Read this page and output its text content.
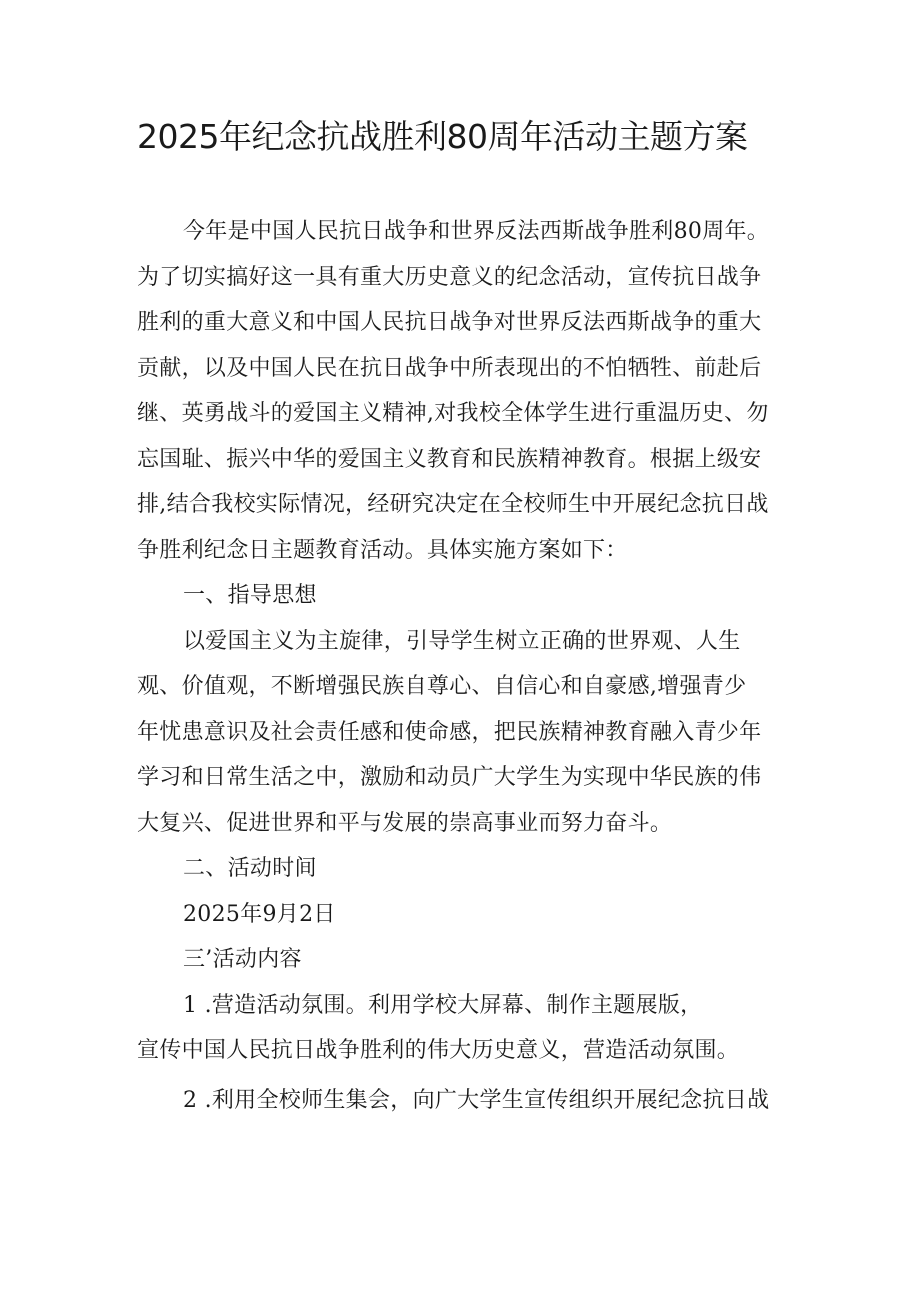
2025年纪念抗战胜利80周年活动主题方案
今年是中国人民抗日战争和世界反法西斯战争胜利80周年。
为了切实搞好这一具有重大历史意义的纪念活动，宣传抗日战争
胜利的重大意义和中国人民抗日战争对世界反法西斯战争的重大
贡献，以及中国人民在抗日战争中所表现出的不怕牺牲、前赴后
继、英勇战斗的爱国主义精神,对我校全体学生进行重温历史、勿
忘国耻、振兴中华的爱国主义教育和民族精神教育。根据上级安
排,结合我校实际情况，经研究决定在全校师生中开展纪念抗日战
争胜利纪念日主题教育活动。具体实施方案如下：
一、指导思想
以爱国主义为主旋律，引导学生树立正确的世界观、人生
观、价值观，不断增强民族自尊心、自信心和自豪感,增强青少
年忧患意识及社会责任感和使命感，把民族精神教育融入青少年
学习和日常生活之中，激励和动员广大学生为实现中华民族的伟
大复兴、促进世界和平与发展的崇高事业而努力奋斗。
二、活动时间
2025年9月2日
三’活动内容
1 .营造活动氛围。利用学校大屏幕、制作主题展版，
宣传中国人民抗日战争胜利的伟大历史意义，营造活动氛围。
2 .利用全校师生集会，向广大学生宣传组织开展纪念抗日战
